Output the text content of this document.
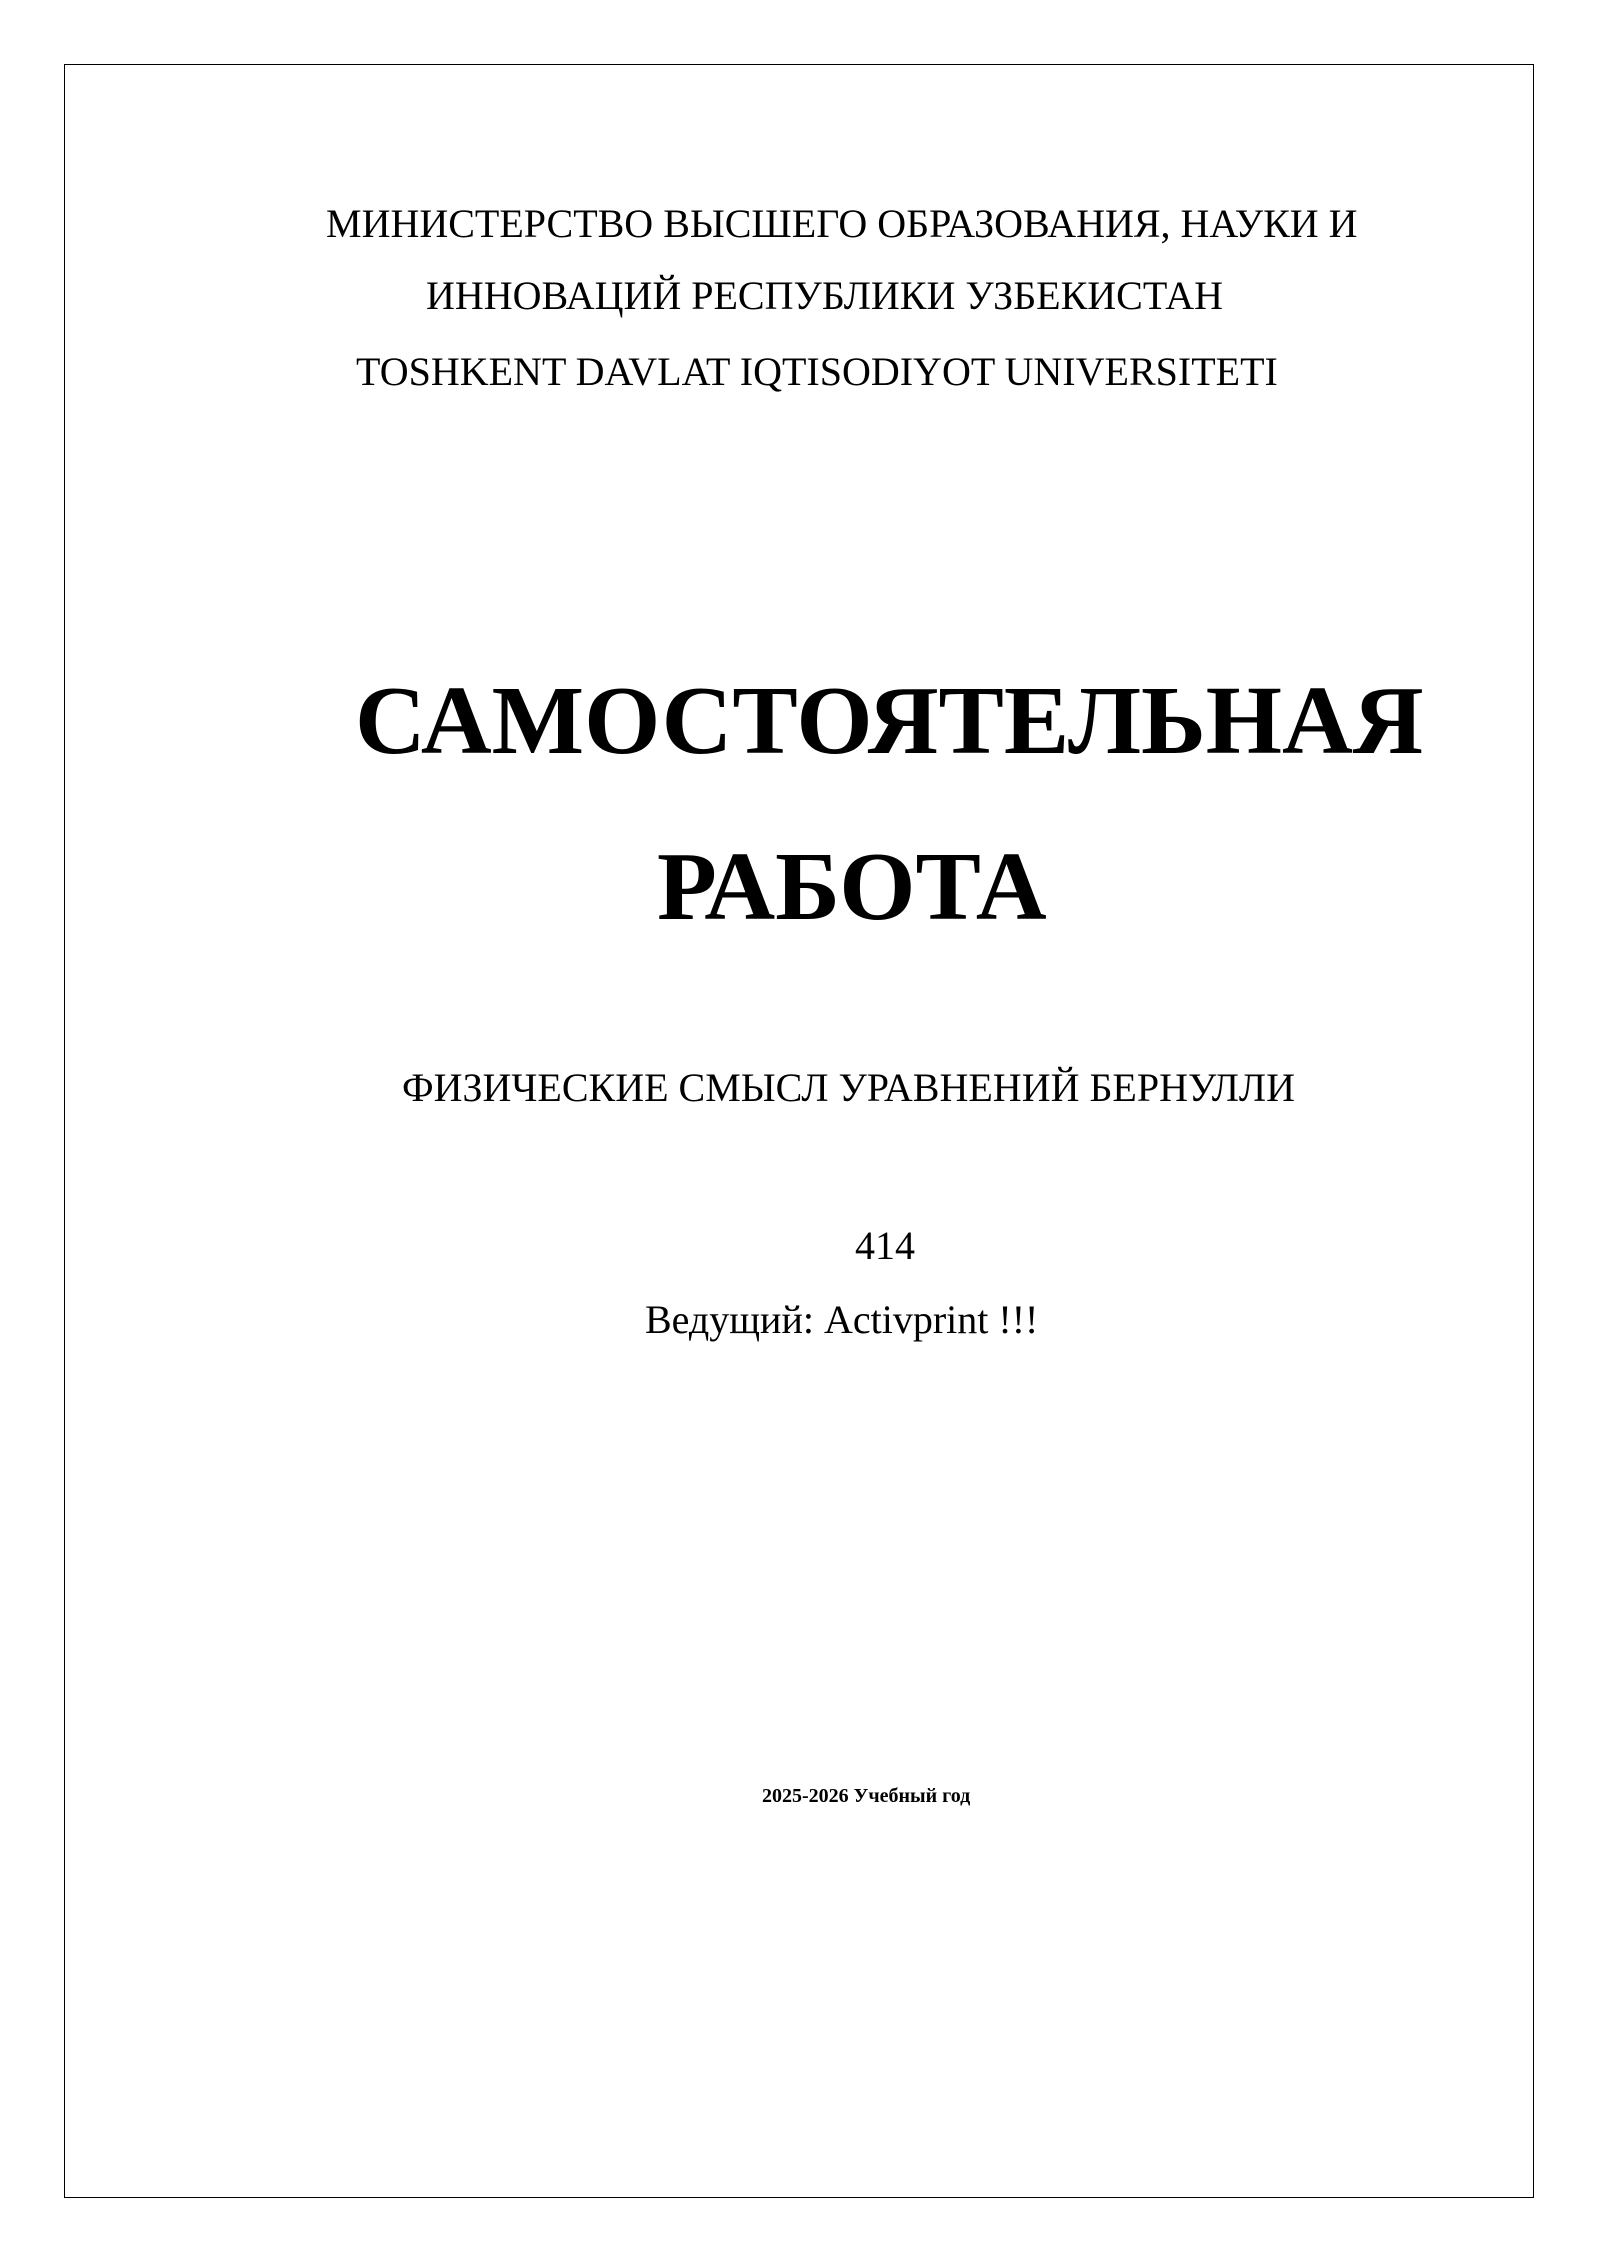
МИНИСТЕРСТВО ВЫСШЕГО ОБРАЗОВАНИЯ, НАУКИ И
ИННОВАЦИЙ РЕСПУБЛИКИ УЗБЕКИСТАН
TOSHKENT DAVLAT IQTISODIYOT UNIVERSITETI
САМОСТОЯТЕЛЬНАЯ
РАБОТА
ФИЗИЧЕСКИЕ СМЫСЛ УРАВНЕНИЙ БЕРНУЛЛИ
414
Ведущий: Activprint !!!
2025-2026 Учебный год
